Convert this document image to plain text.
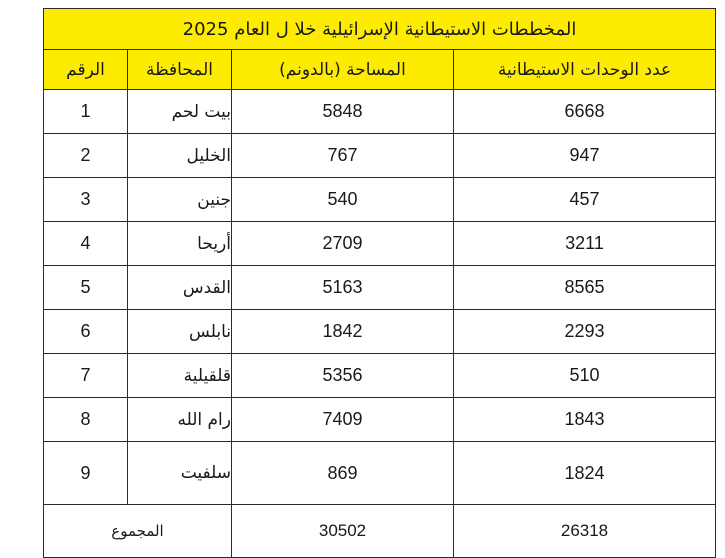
المخططات الاستيطانية الإسرائيلية خلا ل العام 2025			
عدد الوحدات الاستيطانية	المساحة (بالدونم)	المحافظة	الرقم
6668	5848	بيت لحم	1
947	767	الخليل	2
457	540	جنين	3
3211	2709	أريحا	4
8565	5163	القدس	5
2293	1842	نابلس	6
510	5356	قلقيلية	7
1843	7409	رام الله	8
1824	869	سلفيت	9
26318	30502	المجموع	
